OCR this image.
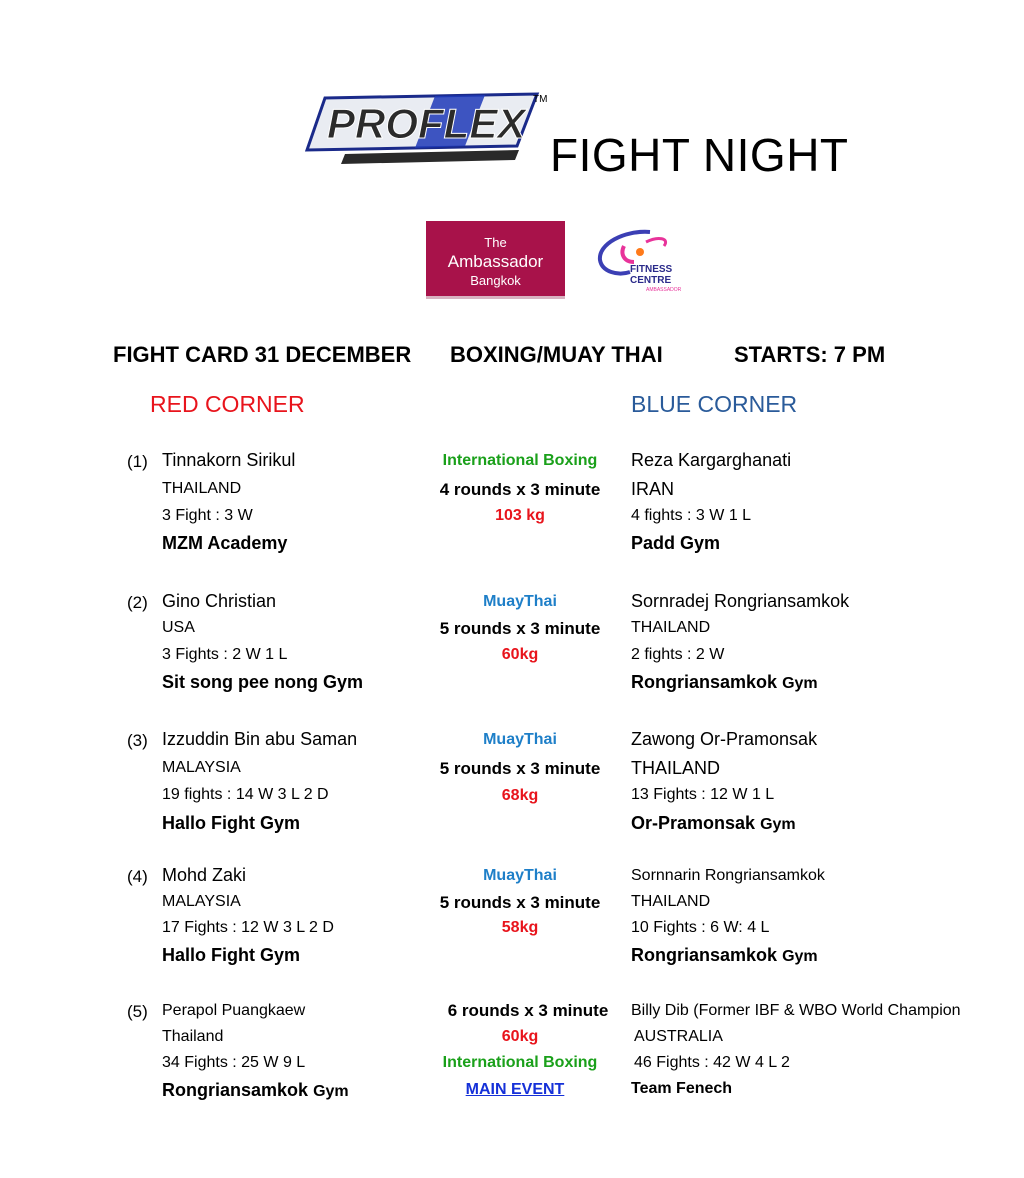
PROFLEX
TM
FIGHT NIGHT
The
Ambassador
Bangkok
FITNESS
CENTRE
AMBASSADOR
FIGHT CARD 31 DECEMBER BOXING/MUAY THAI	STARTS: 7 PM
RED CORNER	BLUE CORNER
(1) Tinnakorn Sirikul
THAILAND
3 Fight : 3 W
MZM Academy
International Boxing
4 rounds x 3 minute
103 kg
Reza Kargarghanati
IRAN
4 fights : 3 W 1 L
Padd Gym
(2) Gino Christian
USA
3 Fights : 2 W 1 L
Sit song pee nong Gym
MuayThai
5 rounds x 3 minute
60kg
Sornradej Rongriansamkok
THAILAND
2 fights : 2 W
Rongriansamkok Gym
(3) Izzuddin Bin abu Saman
MALAYSIA
19 fights : 14 W 3 L 2 D
Hallo Fight Gym
MuayThai
5 rounds x 3 minute
68kg
Zawong Or-Pramonsak
THAILAND
13 Fights : 12 W 1 L
Or-Pramonsak Gym
(4) Mohd Zaki
MALAYSIA
17 Fights : 12 W 3 L 2 D
Hallo Fight Gym
MuayThai
5 rounds x 3 minute
58kg
Sornnarin Rongriansamkok
THAILAND
10 Fights : 6 W: 4 L
Rongriansamkok Gym
(5) Perapol Puangkaew
Thailand
34 Fights : 25 W 9 L
Rongriansamkok Gym
6 rounds x 3 minute
60kg
International Boxing
MAIN EVENT
Billy Dib (Former IBF & WBO World Champion
AUSTRALIA
46 Fights : 42 W 4 L 2
Team Fenech
